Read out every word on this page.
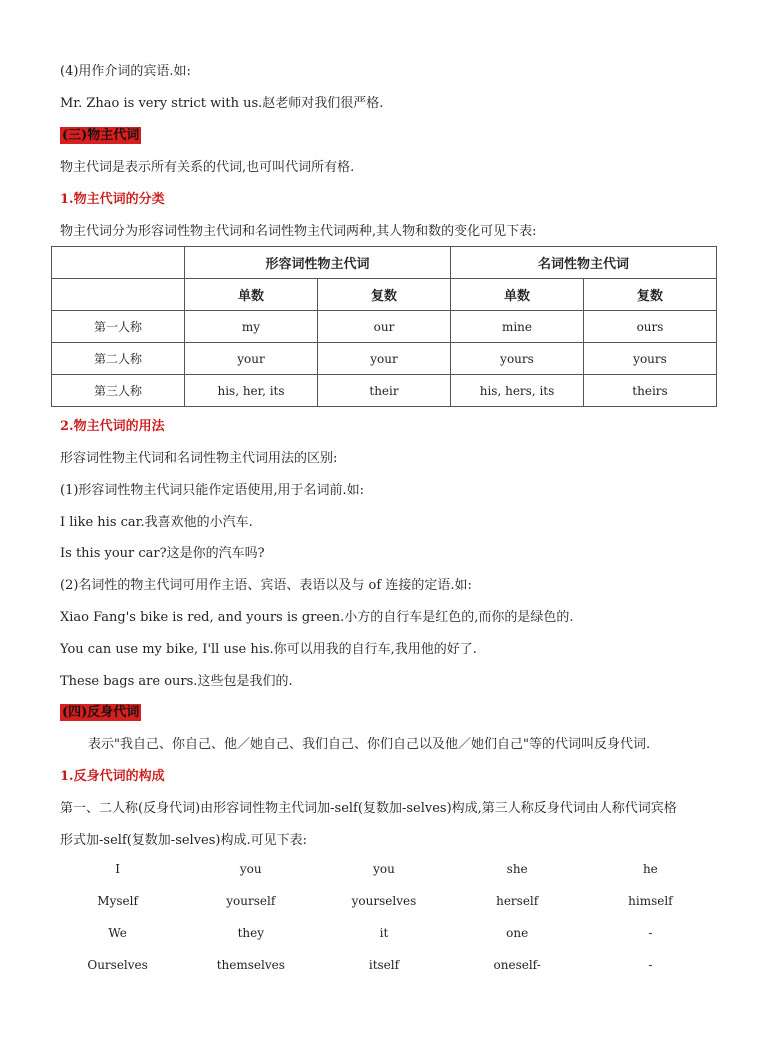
(4)用作介词的宾语.如:
Mr. Zhao is very strict with us.赵老师对我们很严格.
(三)物主代词
物主代词是表示所有关系的代词,也可叫代词所有格.
1.物主代词的分类
物主代词分为形容词性物主代词和名词性物主代词两种,其人物和数的变化可见下表:
	形容词性物主代词		名词性物主代词	
	单数	复数	单数	复数
第一人称	my	our	mine	ours
第二人称	your	your	yours	yours
第三人称	his, her, its	their	his, hers, its	theirs
2.物主代词的用法
形容词性物主代词和名词性物主代词用法的区别:
(1)形容词性物主代词只能作定语使用,用于名词前.如:
I like his car.我喜欢他的小汽车.
Is this your car?这是你的汽车吗?
(2)名词性的物主代词可用作主语、宾语、表语以及与 of 连接的定语.如:
Xiao Fang's bike is red, and yours is green.小方的自行车是红色的,而你的是绿色的.
You can use my bike, I'll use his.你可以用我的自行车,我用他的好了.
These bags are ours.这些包是我们的.
(四)反身代词
表示"我自己、你自己、他／她自己、我们自己、你们自己以及他／她们自己"等的代词叫反身代词.
1.反身代词的构成
第一、二人称(反身代词)由形容词性物主代词加-self(复数加-selves)构成,第三人称反身代词由人称代词宾格
形式加-self(复数加-selves)构成.可见下表:
I	you	you	she	he
Myself	yourself	yourselves	herself	himself
We	they	it	one	-
Ourselves	themselves	itself	oneself-	-
